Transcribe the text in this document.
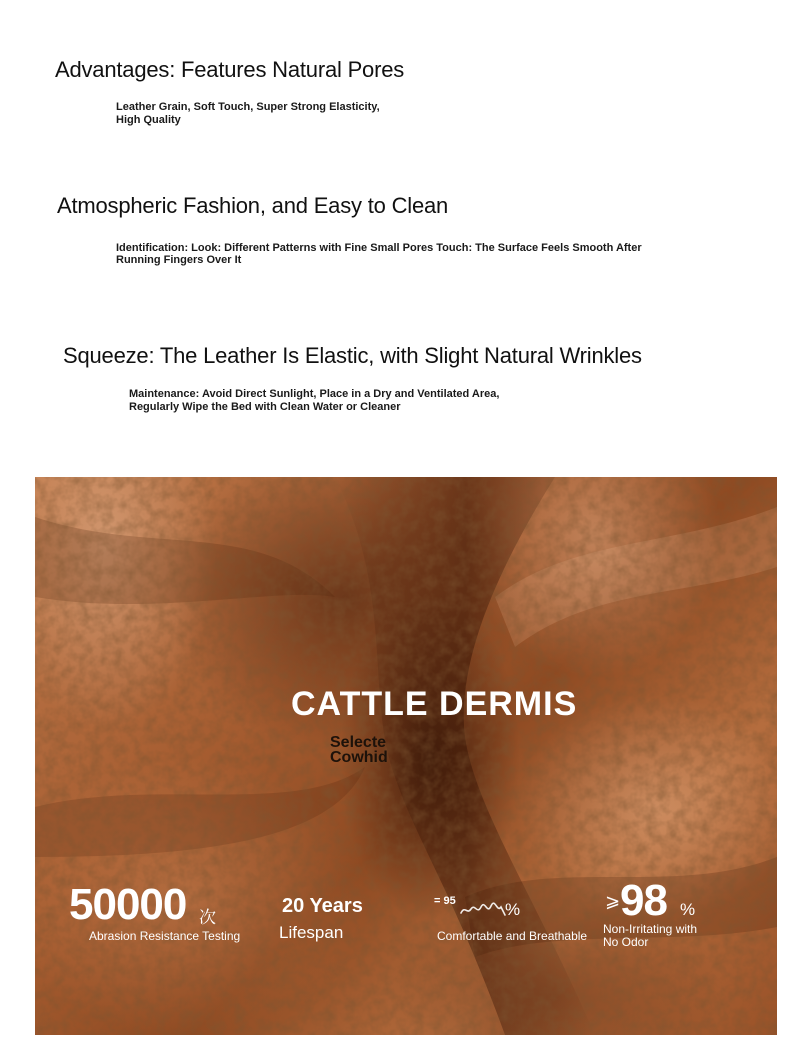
Advantages: Features Natural Pores

Leather Grain, Soft Touch, Super Strong Elasticity,
High Quality

Atmospheric Fashion, and Easy to Clean

Identification: Look: Different Patterns with Fine Small Pores Touch: The Surface Feels Smooth After
Running Fingers Over It

Squeeze: The Leather Is Elastic, with Slight Natural Wrinkles

Maintenance: Avoid Direct Sunlight, Place in a Dry and Ventilated Area,
Regularly Wipe the Bed with Clean Water or Cleaner

CATTLE DERMIS
Selecte
Cowhid
50000 次
Abrasion Resistance Testing
20 Years
Lifespan
= 95	%
Comfortable and Breathable
⩾ 98 %
Non-Irritating with
No Odor
